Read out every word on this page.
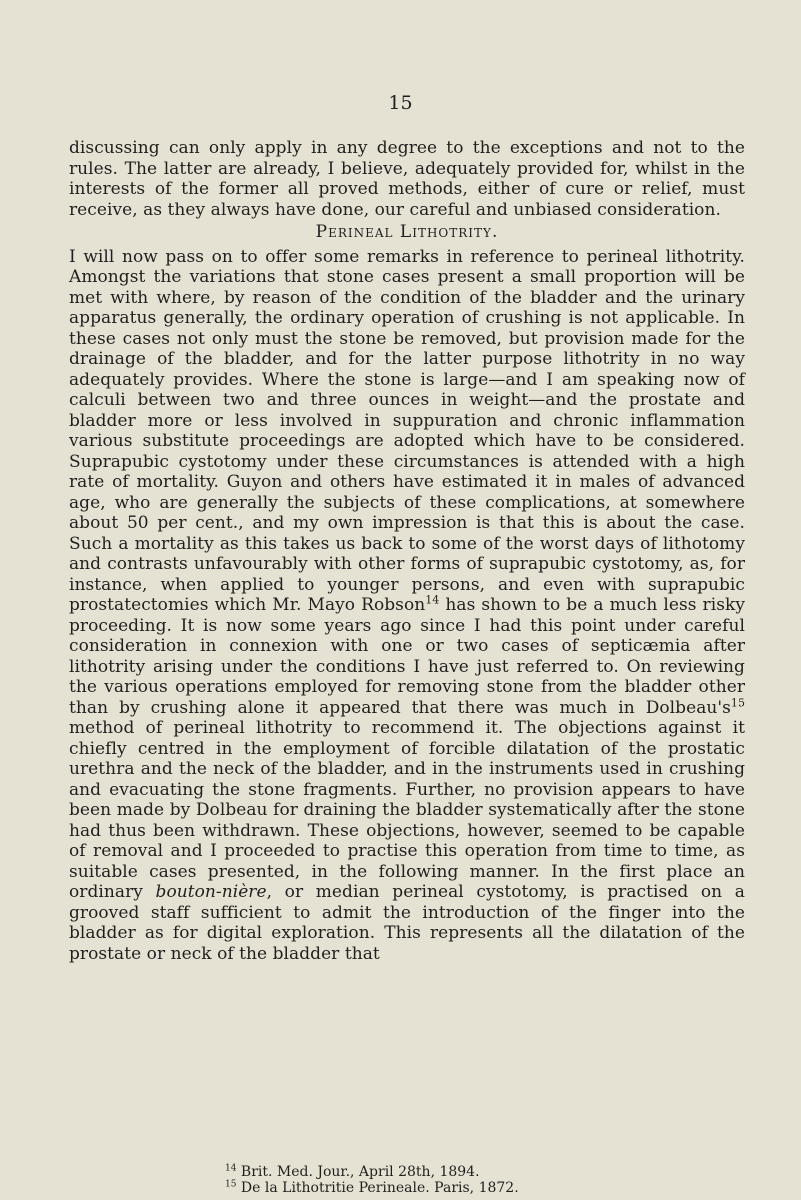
15

discussing can only apply in any degree to the exceptions and not to the rules. The latter are already, I believe, adequately provided for, whilst in the interests of the former all proved methods, either of cure or relief, must receive, as they always have done, our careful and unbiased consideration.

Perineal Lithotrity.

I will now pass on to offer some remarks in reference to perineal lithotrity. Amongst the variations that stone cases present a small proportion will be met with where, by reason of the condition of the bladder and the urinary apparatus generally, the ordinary operation of crushing is not applicable. In these cases not only must the stone be removed, but provision made for the drainage of the bladder, and for the latter purpose lithotrity in no way adequately provides. Where the stone is large—and I am speaking now of calculi between two and three ounces in weight—and the prostate and bladder more or less involved in suppuration and chronic inflammation various substitute proceedings are adopted which have to be considered. Suprapubic cystotomy under these circumstances is attended with a high rate of mortality. Guyon and others have estimated it in males of advanced age, who are generally the subjects of these complications, at somewhere about 50 per cent., and my own impression is that this is about the case. Such a mortality as this takes us back to some of the worst days of lithotomy and contrasts unfavourably with other forms of suprapubic cystotomy, as, for instance, when applied to younger persons, and even with suprapubic prostatectomies which Mr. Mayo Robson$^{14}$ has shown to be a much less risky proceeding. It is now some years ago since I had this point under careful consideration in connexion with one or two cases of septicæmia after lithotrity arising under the conditions I have just referred to. On reviewing the various operations employed for removing stone from the bladder other than by crushing alone it appeared that there was much in $Dolbeau's^{15}$ method of perineal lithotrity to recommend it. The objections against it chiefly centred in the employment of forcible dilatation of the prostatic urethra and the neck of the bladder, and in the instruments used in crushing and evacuating the stone fragments. Further, no provision appears to have been made by Dolbeau for draining the bladder systematically after the stone had thus been withdrawn. These objections, however, seemed to be capable of removal and I proceeded to practise this operation from time to time, as suitable cases presented, in the following manner. In the first place an ordinary bouton-nière, or median perineal cystotomy, is practised on a grooved staff sufficient to admit the introduction of the finger into the bladder as for digital exploration. This represents all the dilatation of the prostate or neck of the bladder that

$^{14}$ Brit. Med. Jour., April 28th, 1894.
$^{15}$ De la Lithotritie Perineale. Paris, 1872.
